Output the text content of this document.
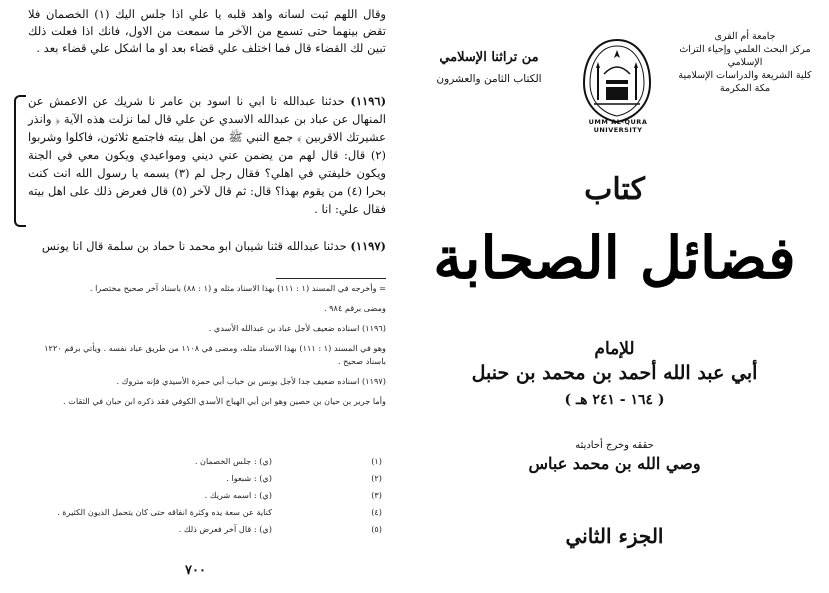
وقال اللهم ثبت لسانه واهد قلبه يا علي اذا جلس اليك (١) الخصمان فلا تقض بينهما حتى تسمع من الآخر ما سمعت من الاول، فانك اذا فعلت ذلك تبين لك القضاء قال فما اختلف علي قضاء بعد او ما اشكل علي قضاء بعد .
(١١٩٦) حدثنا عبدالله نا ابي نا اسود بن عامر نا شريك عن الاعمش عن المنهال عن عباد بن عبدالله الاسدي عن علي قال لما نزلت هذه الآية ﴿ وانذر عشيرتك الاقربين ﴾ جمع النبي ﷺ من اهل بيته فاجتمع ثلاثون، فاكلوا وشربوا (٢) قال: قال لهم من يضمن عني ديني ومواعيدي ويكون معي في الجنة ويكون خليفتي في اهلي؟ فقال رجل لم (٣) يسمه يا رسول الله انت كنت بحرا (٤) من يقوم بهذا؟ قال: ثم قال لآخر (٥) قال فعرض ذلك على اهل بيته فقال علي: انا .
(١١٩٧) حدثنا عبدالله قثنا شيبان ابو محمد نا حماد بن سلمة قال انا يونس

= وأخرجه في المسند (١ : ١١١) بهذا الاسناد مثله و (١ : ٨٨) باسناد آخر صحيح مختصرا .

ومضى برقم ٩٨٤ .

(١١٩٦) اسناده ضعيف لأجل عباد بن عبدالله الأسدي .

وهو في المسند (١ : ١١١) بهذا الاسناد مثله، ومضى في ١١٠٨ من طريق عباد نفسه . ويأتي برقم ١٢٢٠ باسناد صحيح .

(١١٩٧) اسناده ضعيف جدا لأجل يونس بن خباب أبي حمزة الأسيدي فإنه متروك .

وأما جرير بن حيان بن حصين وهو ابن أبي الهياج الأسدي الكوفي فقد ذكره ابن حبان في الثقات .

(١)
(ي) : جلس الخصمان .
(٢)
(ي) : شبعوا .
(٣)
(ي) : اسمه شريك .
(٤)
كناية عن سعة يده وكثرة انفاقه حتى كان يتحمل الديون الكثيرة .
(٥)
(ي) : قال آخر فعرض ذلك .
٧٠٠
جامعة أم القرى
مركز البحث العلمي وإحياء التراث الإسلامي
كلية الشريعة والدراسات الإسلامية
مكة المكرمة
UMM AL-QURA UNIVERSITY
من تراثنا الإسلامي
الكتاب الثامن والعشرون
كتاب
فضائل الصحابة
للإمام
أبي عبد الله أحمد بن محمد بن حنبل
( ١٦٤ - ٢٤١ هـ )
حققه وخرج أحاديثه
وصي الله بن محمد عباس
الجزء الثاني
